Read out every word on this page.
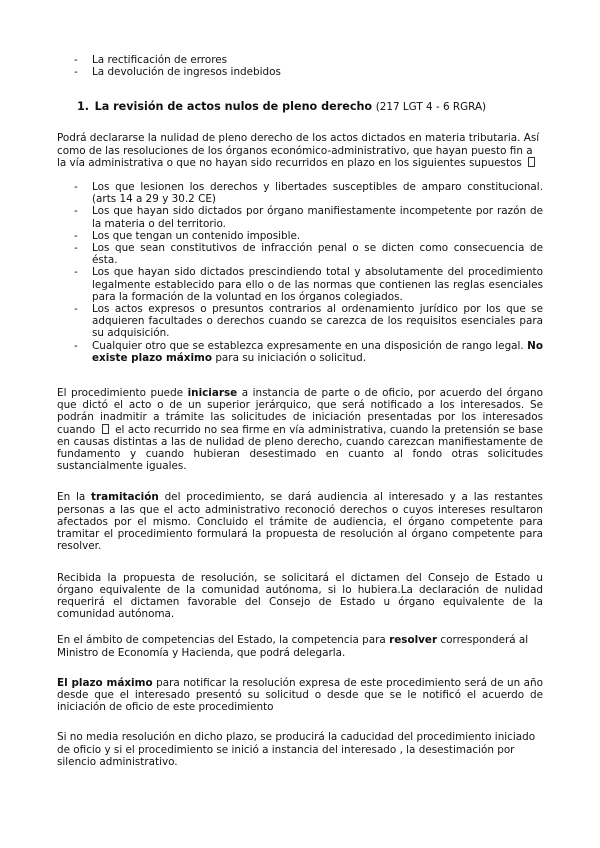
- La rectificación de errores
- La devolución de ingresos indebidos
1. La revisión de actos nulos de pleno derecho (217 LGT 4 - 6 RGRA)

Podrá declararse la nulidad de pleno derecho de los actos dictados en materia tributaria. Así como de las resoluciones de los órganos económico-administrativo, que hayan puesto fin a la vía administrativa o que no hayan sido recurridos en plazo en los siguientes supuestos

- Los que lesionen los derechos y libertades susceptibles de amparo constitucional. (arts 14 a 29 y 30.2 CE)
- Los que hayan sido dictados por órgano manifiestamente incompetente por razón de la materia o del territorio.
- Los que tengan un contenido imposible.
- Los que sean constitutivos de infracción penal o se dicten como consecuencia de ésta.
- Los que hayan sido dictados prescindiendo total y absolutamente del procedimiento legalmente establecido para ello o de las normas que contienen las reglas esenciales para la formación de la voluntad en los órganos colegiados.
- Los actos expresos o presuntos contrarios al ordenamiento jurídico por los que se adquieren facultades o derechos cuando se carezca de los requisitos esenciales para su adquisición.
- Cualquier otro que se establezca expresamente en una disposición de rango legal. No existe plazo máximo para su iniciación o solicitud.

El procedimiento puede iniciarse a instancia de parte o de oficio, por acuerdo del órgano que dictó el acto o de un superior jerárquico, que será notificado a los interesados. Se podrán inadmitir a trámite las solicitudes de iniciación presentadas por los interesados cuando el acto recurrido no sea firme en vía administrativa, cuando la pretensión se base en causas distintas a las de nulidad de pleno derecho, cuando carezcan manifiestamente de fundamento y cuando hubieran desestimado en cuanto al fondo otras solicitudes sustancialmente iguales.

En la tramitación del procedimiento, se dará audiencia al interesado y a las restantes personas a las que el acto administrativo reconoció derechos o cuyos intereses resultaron afectados por el mismo. Concluido el trámite de audiencia, el órgano competente para tramitar el procedimiento formulará la propuesta de resolución al órgano competente para resolver.

Recibida la propuesta de resolución, se solicitará el dictamen del Consejo de Estado u órgano equivalente de la comunidad autónoma, si lo hubiera.La declaración de nulidad requerirá el dictamen favorable del Consejo de Estado u órgano equivalente de la comunidad autónoma.

En el ámbito de competencias del Estado, la competencia para resolver corresponderá al Ministro de Economía y Hacienda, que podrá delegarla.

El plazo máximo para notificar la resolución expresa de este procedimiento será de un año desde que el interesado presentó su solicitud o desde que se le notificó el acuerdo de iniciación de oficio de este procedimiento

Si no media resolución en dicho plazo, se producirá la caducidad del procedimiento iniciado de oficio y si el procedimiento se inició a instancia del interesado , la desestimación por silencio administrativo.
